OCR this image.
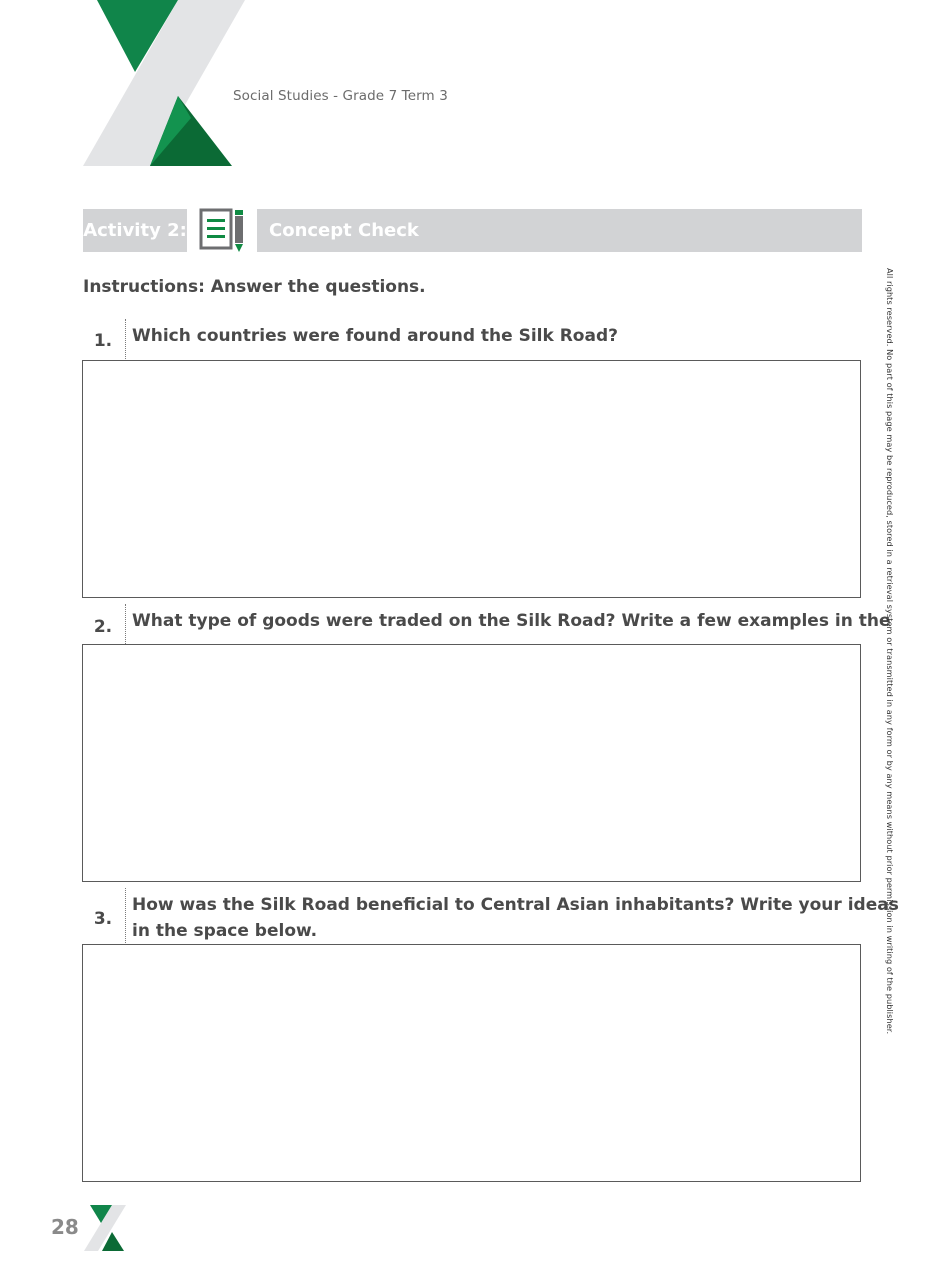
Social Studies - Grade 7 Term 3
Activity 2:	Concept Check
Instructions: Answer the questions.
1.	Which countries were found around the Silk Road?
2.	What type of goods were traded on the Silk Road? Write a few examples in the
3.
How was the Silk Road beneficial to Central Asian inhabitants? Write your ideas
in the space below.	All rights reserved. No part of this page may be reproduced, stored in a retrieval system or transmitted in any form or by any means without prior permission in writing of the publisher.
28
